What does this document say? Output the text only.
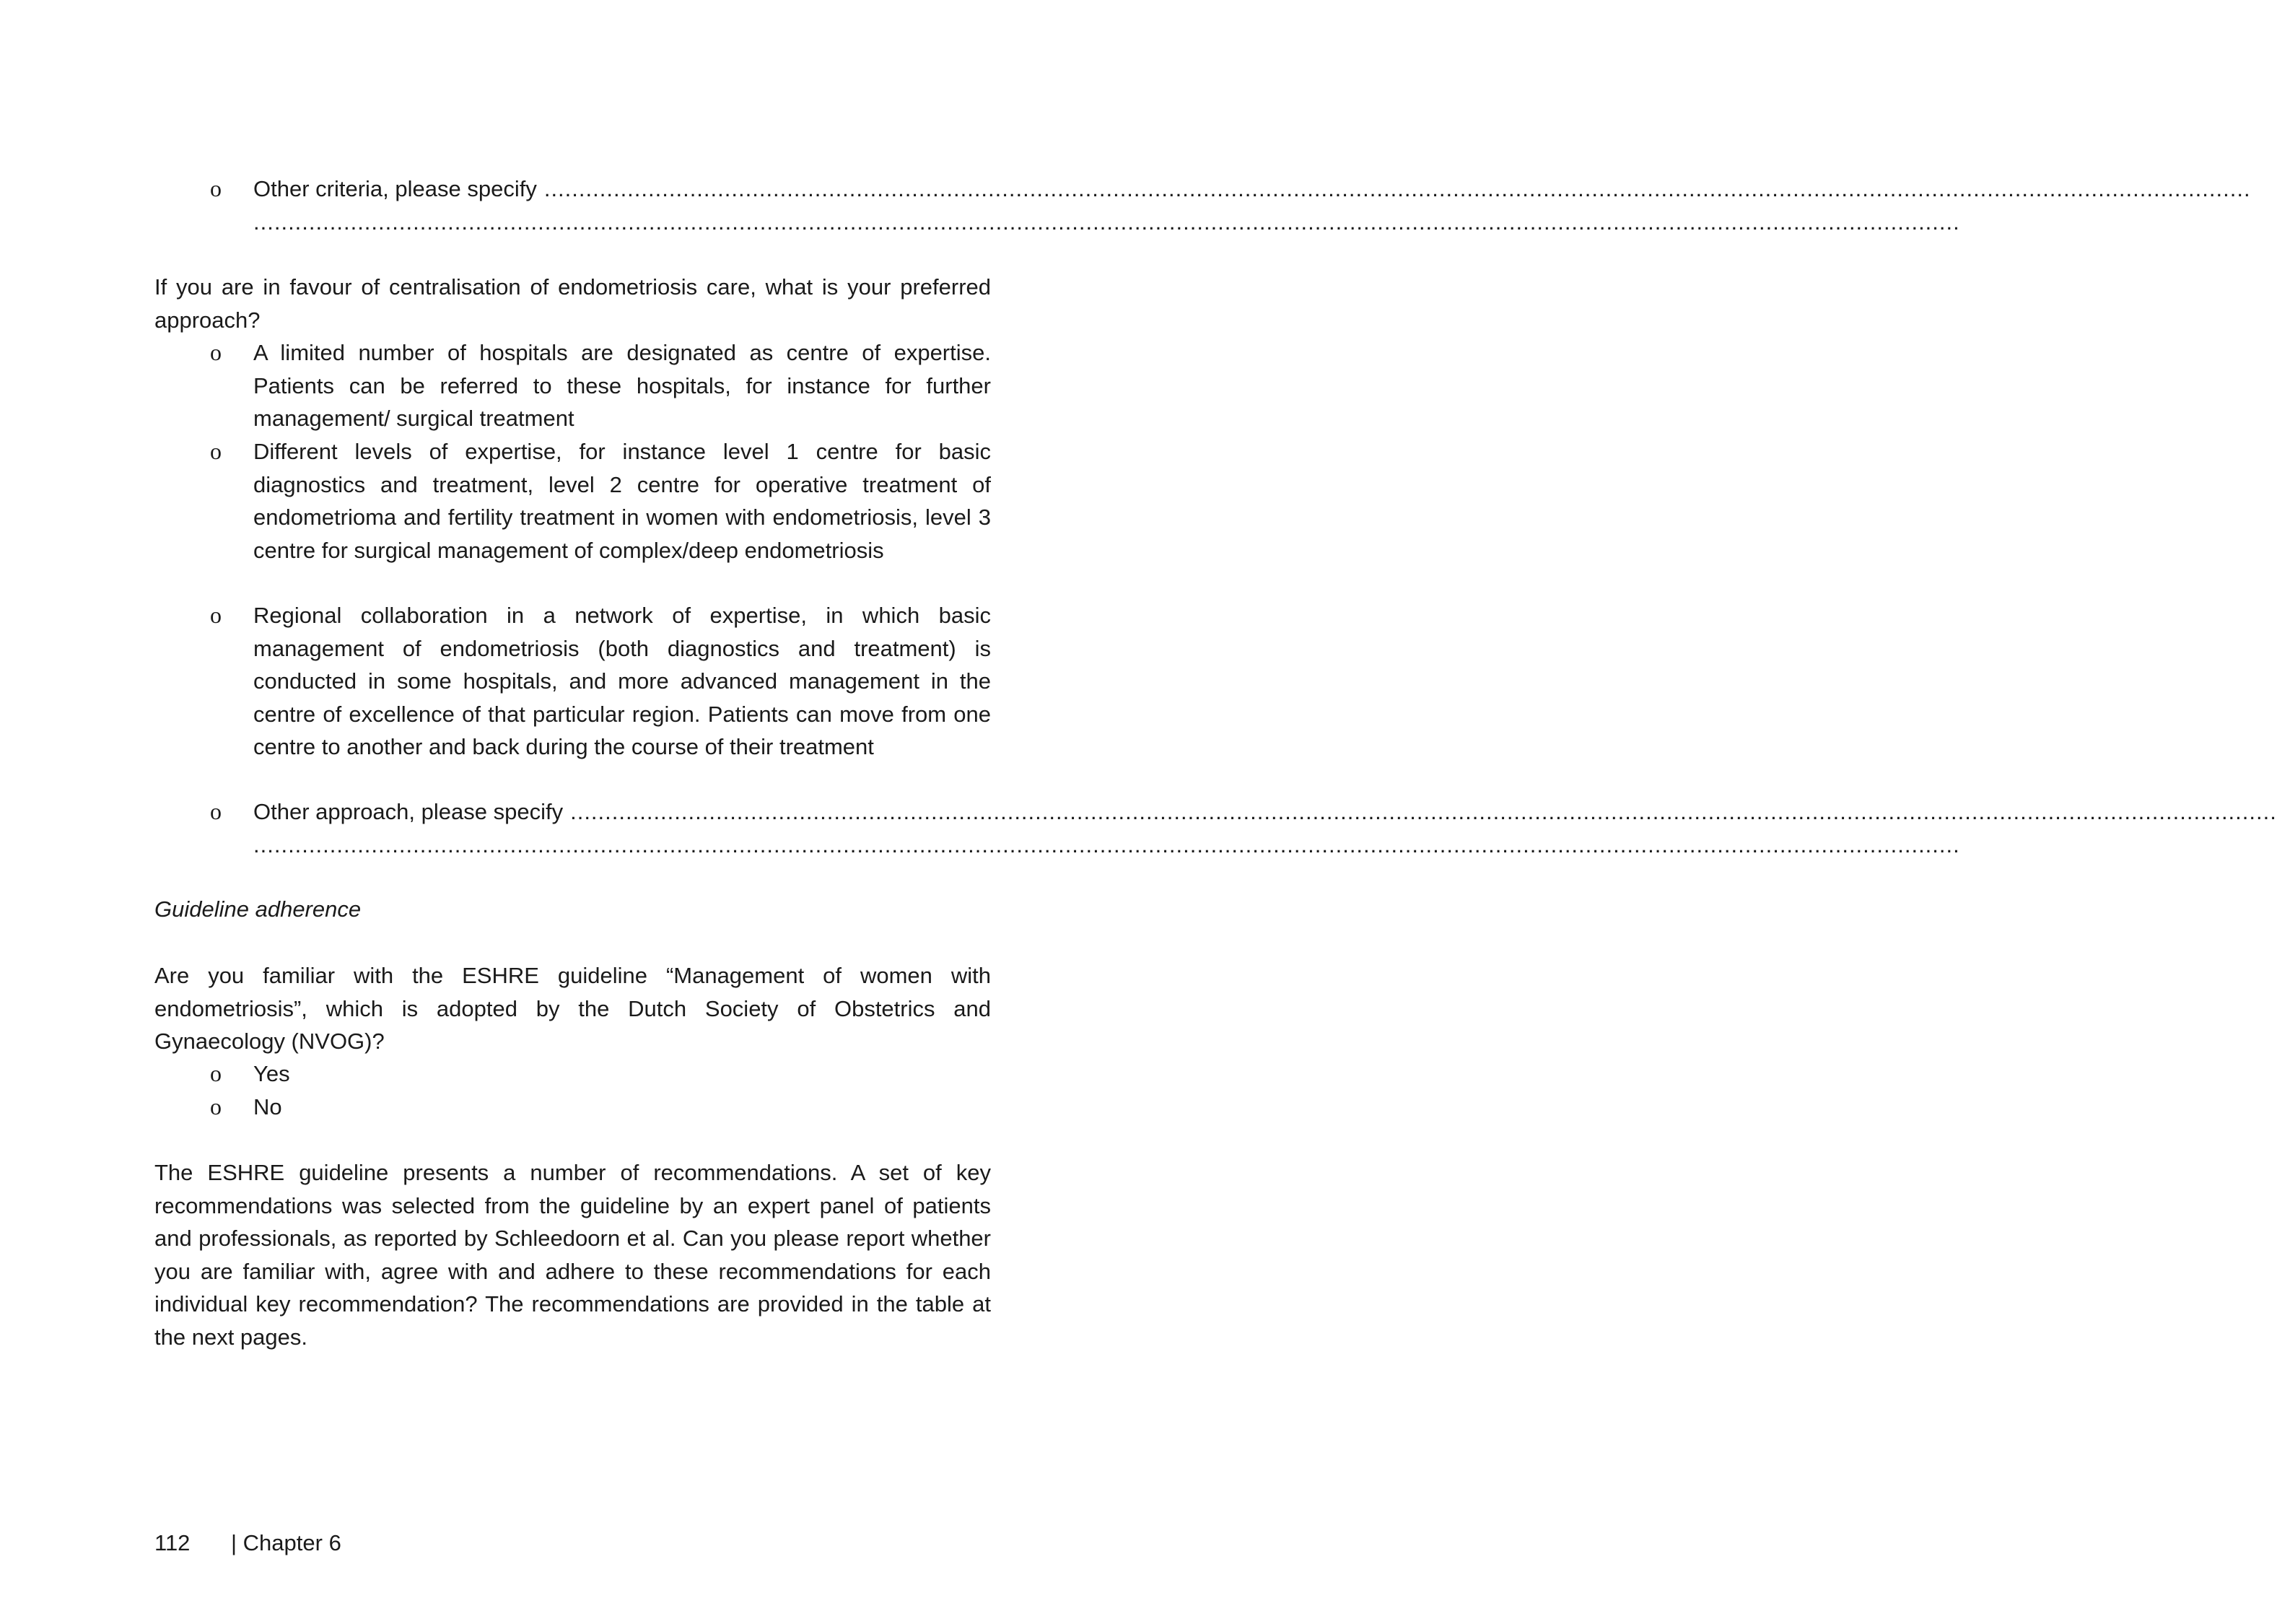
o Other criteria, please specify ......................................................................................................................................................................................................................................................
......................................................................................................................................................................................................................................................
If you are in favour of centralisation of endometriosis care, what is your preferred approach?
o A limited number of hospitals are designated as centre of expertise. Patients can be referred to these hospitals, for instance for further management/ surgical treatment
o Different levels of expertise, for instance level 1 centre for basic diagnostics and treatment, level 2 centre for operative treatment of endometrioma and fertility treatment in women with endometriosis, level 3 centre for surgical management of complex/deep endometriosis
o Regional collaboration in a network of expertise, in which basic management of endometriosis (both diagnostics and treatment) is conducted in some hospitals, and more advanced management in the centre of excellence of that particular region. Patients can move from one centre to another and back during the course of their treatment
o Other approach, please specify ......................................................................................................................................................................................................................................................
......................................................................................................................................................................................................................................................
Guideline adherence
Are you familiar with the ESHRE guideline “Management of women with endometriosis”, which is adopted by the Dutch Society of Obstetrics and Gynaecology (NVOG)?
o Yes
o No
The ESHRE guideline presents a number of recommendations. A set of key recommendations was selected from the guideline by an expert panel of patients and professionals, as reported by Schleedoorn et al. Can you please report whether you are familiar with, agree with and adhere to these recommendations for each individual key recommendation? The recommendations are provided in the table at the next pages.
112 | Chapter 6
